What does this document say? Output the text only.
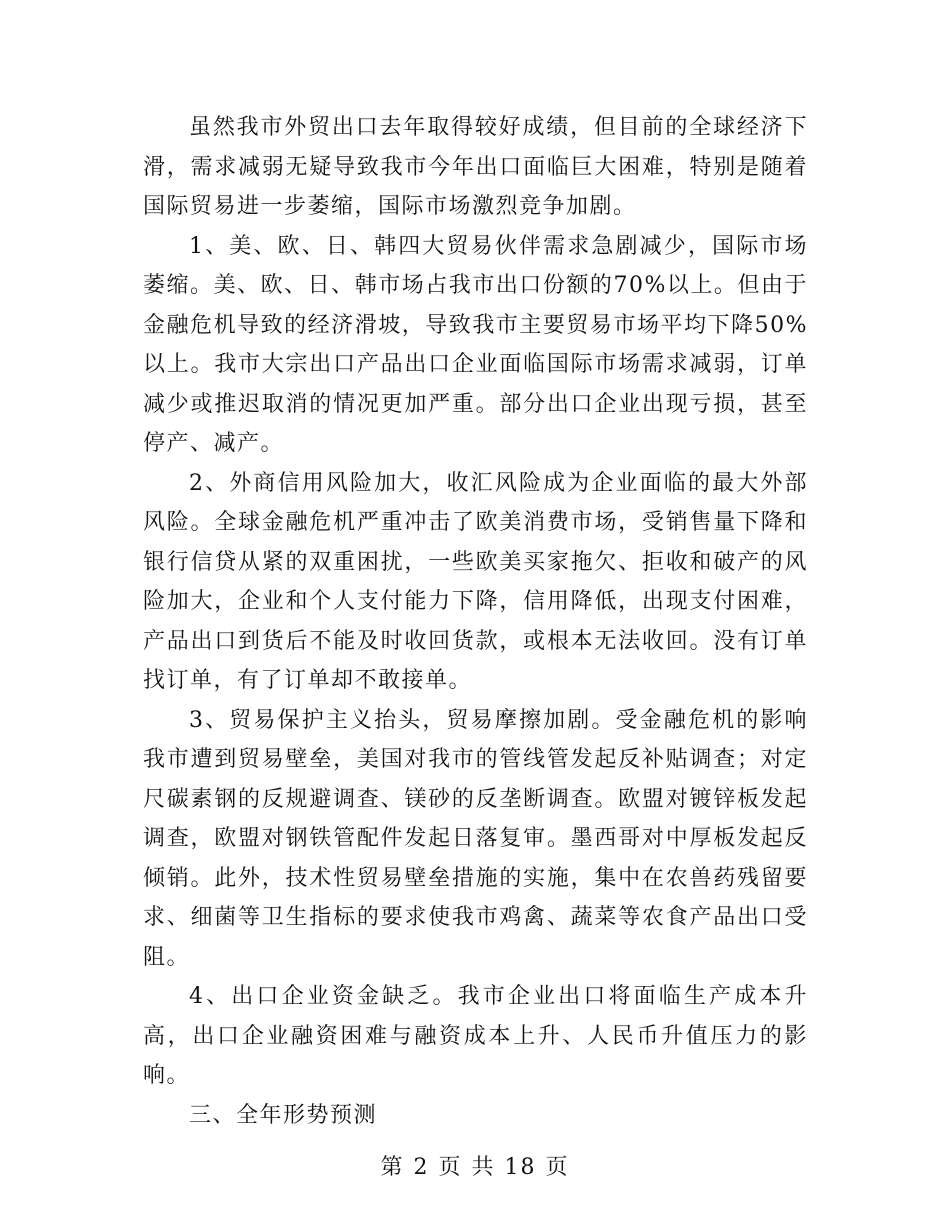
虽然我市外贸出口去年取得较好成绩，但目前的全球经济下滑，需求减弱无疑导致我市今年出口面临巨大困难，特别是随着国际贸易进一步萎缩，国际市场激烈竞争加剧。

1、美、欧、日、韩四大贸易伙伴需求急剧减少，国际市场萎缩。美、欧、日、韩市场占我市出口份额的70%以上。但由于金融危机导致的经济滑坡，导致我市主要贸易市场平均下降50%以上。我市大宗出口产品出口企业面临国际市场需求减弱，订单减少或推迟取消的情况更加严重。部分出口企业出现亏损，甚至停产、减产。

2、外商信用风险加大，收汇风险成为企业面临的最大外部风险。全球金融危机严重冲击了欧美消费市场，受销售量下降和银行信贷从紧的双重困扰，一些欧美买家拖欠、拒收和破产的风险加大，企业和个人支付能力下降，信用降低，出现支付困难，产品出口到货后不能及时收回货款，或根本无法收回。没有订单找订单，有了订单却不敢接单。

3、贸易保护主义抬头，贸易摩擦加剧。受金融危机的影响我市遭到贸易壁垒，美国对我市的管线管发起反补贴调查；对定尺碳素钢的反规避调查、镁砂的反垄断调查。欧盟对镀锌板发起调查，欧盟对钢铁管配件发起日落复审。墨西哥对中厚板发起反倾销。此外，技术性贸易壁垒措施的实施，集中在农兽药残留要求、细菌等卫生指标的要求使我市鸡禽、蔬菜等农食产品出口受阻。

4、出口企业资金缺乏。我市企业出口将面临生产成本升高，出口企业融资困难与融资成本上升、人民币升值压力的影响。

三、全年形势预测

第 2 页 共 18 页
